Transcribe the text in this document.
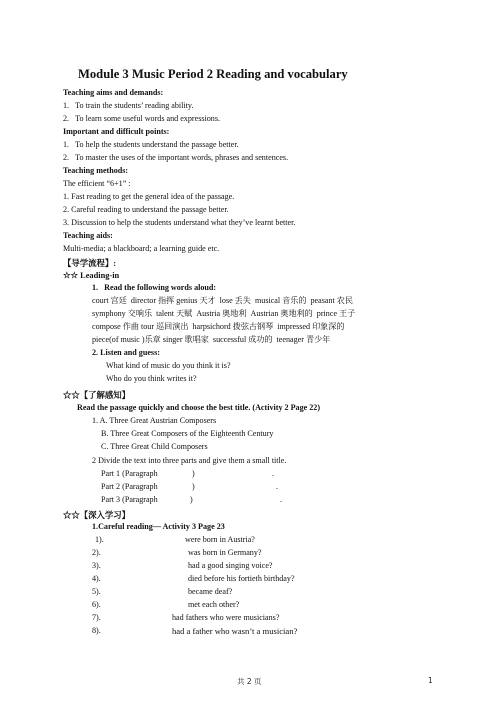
Module 3 Music Period 2 Reading and vocabulary
Teaching aims and demands:
1.   To train the students’ reading ability.
2.   To learn some useful words and expressions.
Important and difficult points:
1.   To help the students understand the passage better.
2.   To master the uses of the important words, phrases and sentences.
Teaching methods:
The efficient “6+1” :
1. Fast reading to get the general idea of the passage.
2. Careful reading to understand the passage better.
3. Discussion to help the students understand what they’ve learnt better.
Teaching aids:
Multi-media; a blackboard; a learning guide etc.
【导学流程】:
☆☆ Leading-in
1.   Read the following words aloud:
court 宫廷  director 指挥 genius 天才  lose 丢失  musical 音乐的  peasant 农民
symphony 交响乐  talent 天赋  Austria 奥地利  Austrian 奥地利的  prince 王子
compose 作曲 tour 巡回演出  harpsichord 拨弦古钢琴  impressed 印象深的
piece(of music )乐章 singer 歌唱家  successful 成功的  teenager 青少年
2. Listen and guess:
What kind of music do you think it is?
Who do you think writes it?
☆☆【了解感知】
Read the passage quickly and choose the best title. (Activity 2 Page 22)
1. A. Three Great Austrian Composers
B. Three Great Composers of the Eighteenth Century
C. Three Great Child Composers
2 Divide the text into three parts and give them a small title.
Part 1 (Paragraph	)	.
Part 2 (Paragraph	)	.
Part 3 (Paragraph	)	.
☆☆【深入学习】
1.Careful reading— Activity 3 Page 23
1).	were born in Austria?
2).	was born in Germany?
3).	had a good singing voice?
4).	died before his fortieth birthday?
5).	became deaf?
6).	met each other?
7).	had fathers who were musicians?
8).	had a father who wasn’t a musician?
共 2 页	1
